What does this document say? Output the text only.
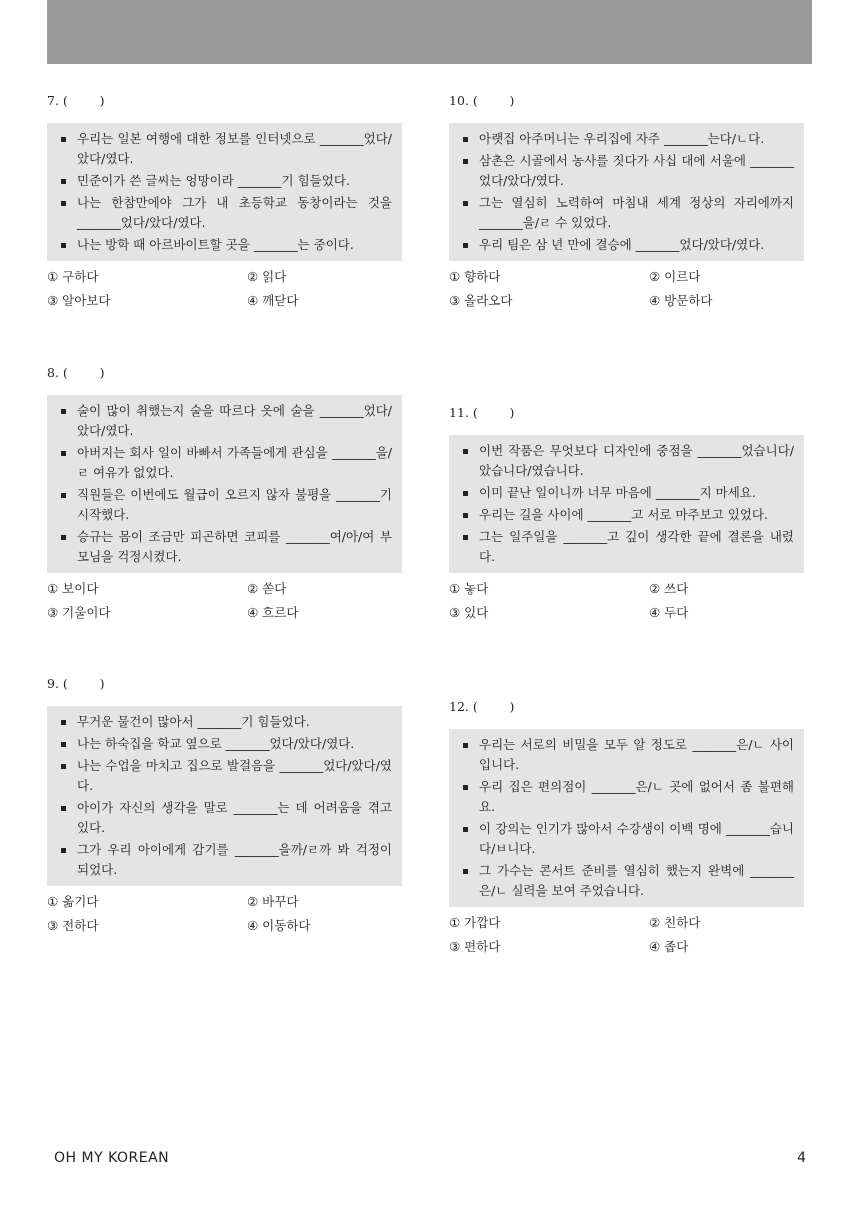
7. (        )
우리는 일본 여행에 대한 정보를 인터넷으로 _______었다/았다/였다.
민준이가 쓴 글씨는 엉망이라 _______기 힘들었다.
나는 한참만에야 그가 내 초등학교 동창이라는 것을 _______었다/았다/였다.
나는 방학 때 아르바이트할 곳을 _______는 중이다.
① 구하다	② 읽다
③ 알아보다	④ 깨닫다
8. (        )
술이 많이 취했는지 술을 따르다 옷에 술을 _______었다/았다/였다.
아버지는 회사 일이 바빠서 가족들에게 관심을 _______을/ㄹ 여유가 없었다.
직원들은 이번에도 월급이 오르지 않자 불평을 _______기 시작했다.
승규는 몸이 조금만 피곤하면 코피를 _______여/아/여 부모님을 걱정시켰다.
① 보이다	② 쏟다
③ 기울이다	④ 흐르다
9. (        )
무거운 물건이 많아서 _______기 힘들었다.
나는 하숙집을 학교 옆으로 _______었다/았다/였다.
나는 수업을 마치고 집으로 발걸음을 _______었다/았다/였다.
아이가 자신의 생각을 말로 _______는 데 어려움을 겪고 있다.
그가 우리 아이에게 감기를 _______을까/ㄹ까 봐 걱정이 되었다.
① 옮기다	② 바꾸다
③ 전하다	④ 이동하다
10. (        )
아랫집 아주머니는 우리집에 자주 _______는다/ㄴ다.
삼촌은 시골에서 농사를 짓다가 사십 대에 서울에 _______었다/았다/였다.
그는 열심히 노력하여 마침내 세계 정상의 자리에까지 _______을/ㄹ 수 있었다.
우리 팀은 삼 년 만에 결승에 _______었다/았다/였다.
① 향하다	② 이르다
③ 올라오다	④ 방문하다
11. (        )
이번 작품은 무엇보다 디자인에 중점을 _______었습니다/았습니다/였습니다.
이미 끝난 일이니까 너무 마음에 _______지 마세요.
우리는 길을 사이에 _______고 서로 마주보고 있었다.
그는 일주일을 _______고 깊이 생각한 끝에 결론을 내렸다.
① 놓다	② 쓰다
③ 있다	④ 두다
12. (        )
우리는 서로의 비밀을 모두 알 정도로 _______은/ㄴ 사이입니다.
우리 집은 편의점이 _______은/ㄴ 곳에 없어서 좀 불편해요.
이 강의는 인기가 많아서 수강생이 이백 명에 _______습니다/ㅂ니다.
그 가수는 콘서트 준비를 열심히 했는지 완벽에 _______은/ㄴ 실력을 보여 주었습니다.
① 가깝다	② 친하다
③ 편하다	④ 좁다
OH MY KOREAN	4
